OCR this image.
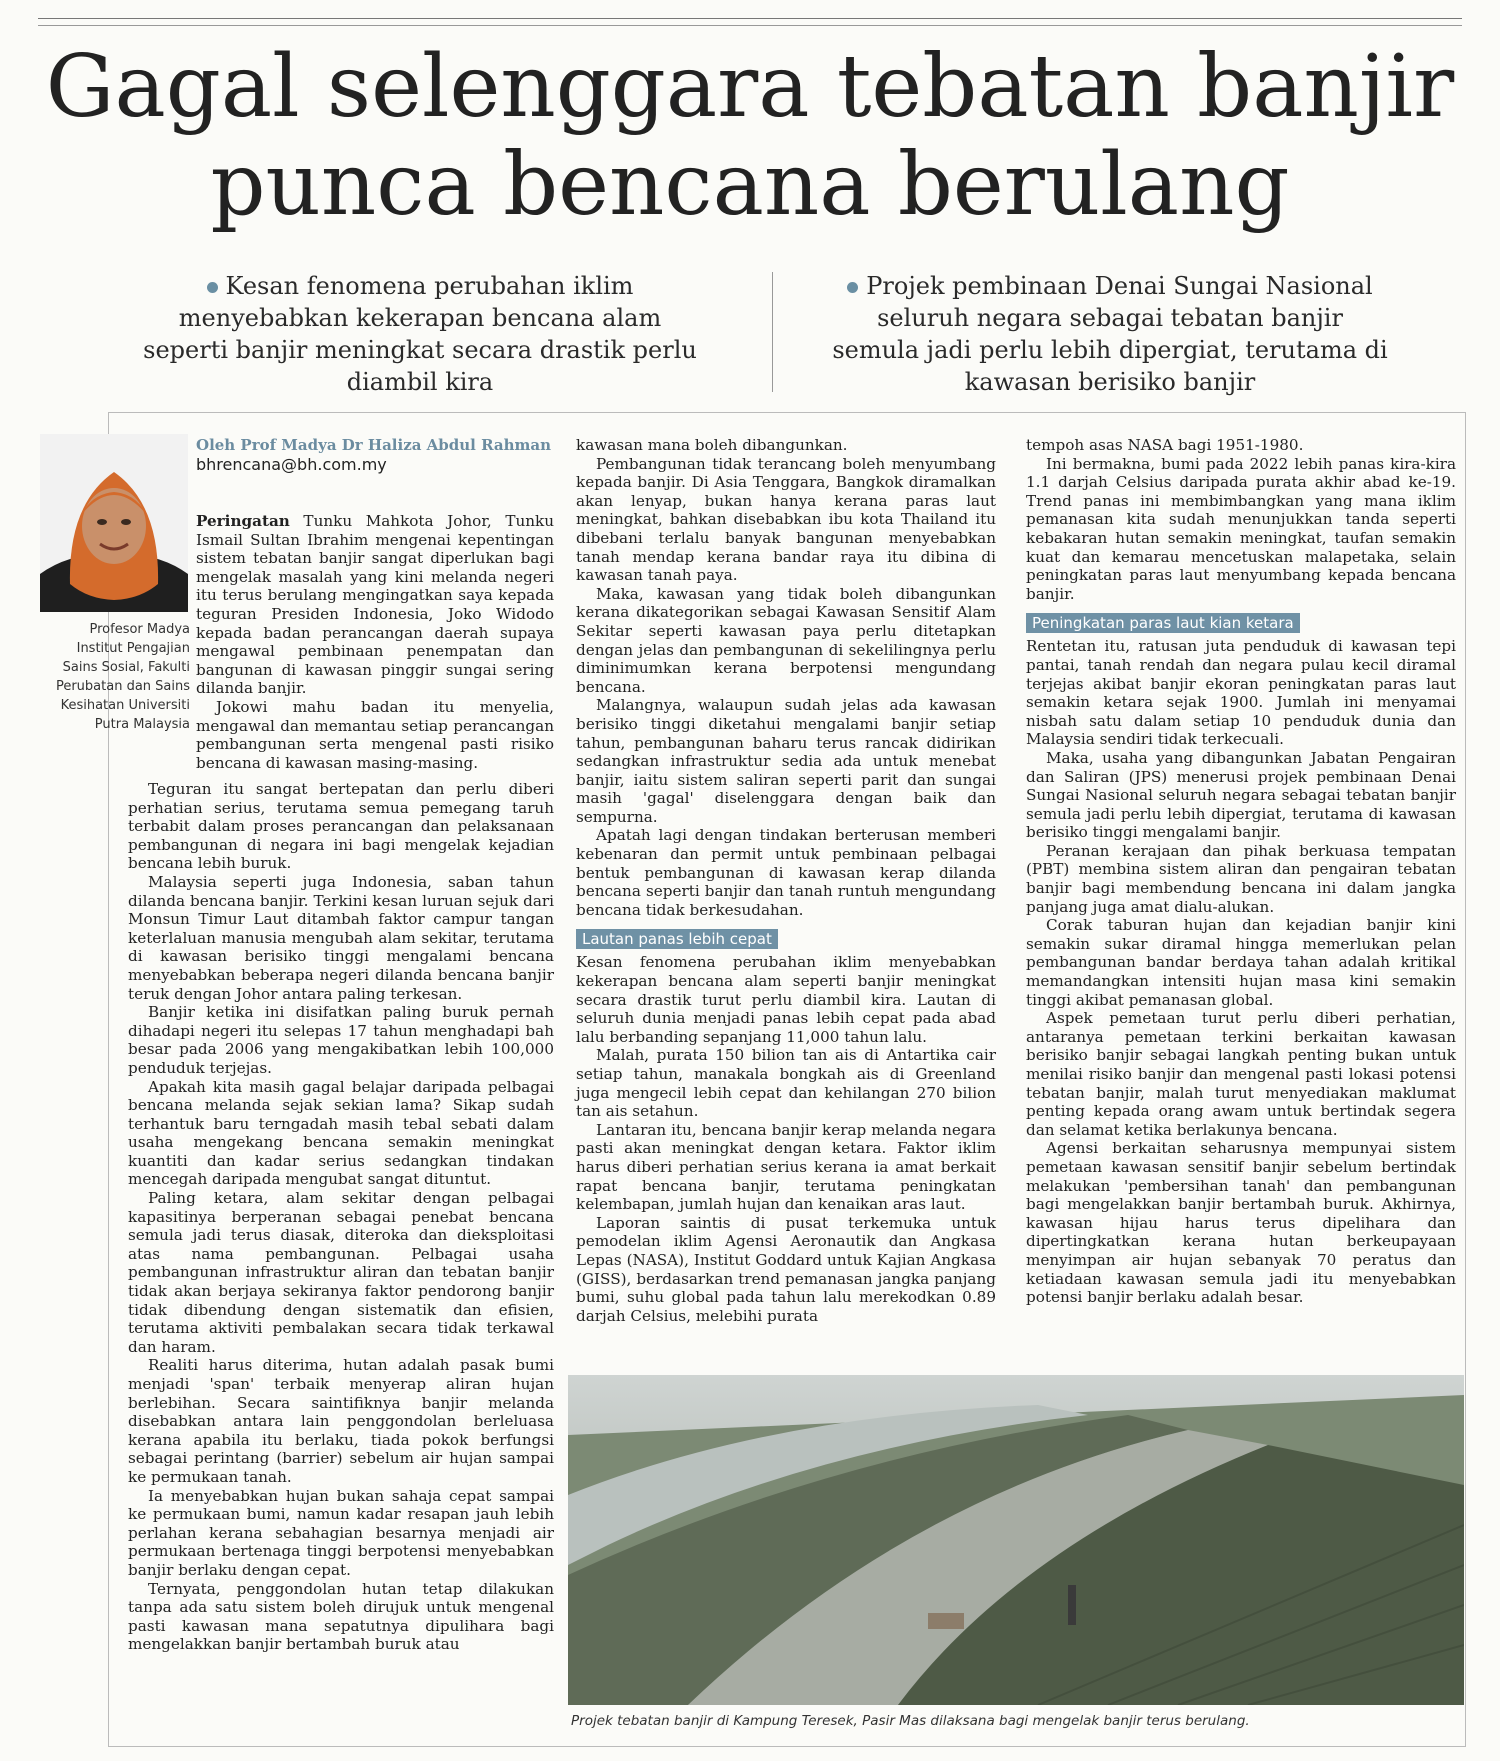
Gagal selenggara tebatan banjir
punca bencana berulang
Kesan fenomena perubahan iklim menyebabkan kekerapan bencana alam seperti banjir meningkat secara drastik perlu diambil kira
Projek pembinaan Denai Sungai Nasional seluruh negara sebagai tebatan banjir semula jadi perlu lebih dipergiat, terutama di kawasan berisiko banjir
Profesor Madya Institut Pengajian Sains Sosial, Fakulti Perubatan dan Sains Kesihatan Universiti Putra Malaysia
Oleh Prof Madya Dr Haliza Abdul Rahman
bhrencana@bh.com.my

Peringatan Tunku Mahkota Johor, Tunku Ismail Sultan Ibrahim mengenai kepentingan sistem tebatan banjir sangat diperlukan bagi mengelak masalah yang kini melanda negeri itu terus berulang mengingatkan saya kepada teguran Presiden Indonesia, Joko Widodo kepada badan perancangan daerah supaya mengawal pembinaan penempatan dan bangunan di kawasan pinggir sungai sering dilanda banjir.

Jokowi mahu badan itu menyelia, mengawal dan memantau setiap perancangan pembangunan serta mengenal pasti risiko bencana di kawasan masing-masing.

Teguran itu sangat bertepatan dan perlu diberi perhatian serius, terutama semua pemegang taruh terbabit dalam proses perancangan dan pelaksanaan pembangunan di negara ini bagi mengelak kejadian bencana lebih buruk.

Malaysia seperti juga Indonesia, saban tahun dilanda bencana banjir. Terkini kesan luruan sejuk dari Monsun Timur Laut ditambah faktor campur tangan keterlaluan manusia mengubah alam sekitar, terutama di kawasan berisiko tinggi mengalami bencana menyebabkan beberapa negeri dilanda bencana banjir teruk dengan Johor antara paling terkesan.

Banjir ketika ini disifatkan paling buruk pernah dihadapi negeri itu selepas 17 tahun menghadapi bah besar pada 2006 yang mengakibatkan lebih 100,000 penduduk terjejas.

Apakah kita masih gagal belajar daripada pelbagai bencana melanda sejak sekian lama? Sikap sudah terhantuk baru terngadah masih tebal sebati dalam usaha mengekang bencana semakin meningkat kuantiti dan kadar serius sedangkan tindakan mencegah daripada mengubat sangat dituntut.

Paling ketara, alam sekitar dengan pelbagai kapasitinya berperanan sebagai penebat bencana semula jadi terus diasak, diteroka dan dieksploitasi atas nama pembangunan. Pelbagai usaha pembangunan infrastruktur aliran dan tebatan banjir tidak akan berjaya sekiranya faktor pendorong banjir tidak dibendung dengan sistematik dan efisien, terutama aktiviti pembalakan secara tidak terkawal dan haram.

Realiti harus diterima, hutan adalah pasak bumi menjadi 'span' terbaik menyerap aliran hujan berlebihan. Secara saintifiknya banjir melanda disebabkan antara lain penggondolan berleluasa kerana apabila itu berlaku, tiada pokok berfungsi sebagai perintang (barrier) sebelum air hujan sampai ke permukaan tanah.

Ia menyebabkan hujan bukan sahaja cepat sampai ke permukaan bumi, namun kadar resapan jauh lebih perlahan kerana sebahagian besarnya menjadi air permukaan bertenaga tinggi berpotensi menyebabkan banjir berlaku dengan cepat.

Ternyata, penggondolan hutan tetap dilakukan tanpa ada satu sistem boleh dirujuk untuk mengenal pasti kawasan mana sepatutnya dipulihara bagi mengelakkan banjir bertambah buruk atau

kawasan mana boleh dibangunkan.

Pembangunan tidak terancang boleh menyumbang kepada banjir. Di Asia Tenggara, Bangkok diramalkan akan lenyap, bukan hanya kerana paras laut meningkat, bahkan disebabkan ibu kota Thailand itu dibebani terlalu banyak bangunan menyebabkan tanah mendap kerana bandar raya itu dibina di kawasan tanah paya.

Maka, kawasan yang tidak boleh dibangunkan kerana dikategorikan sebagai Kawasan Sensitif Alam Sekitar seperti kawasan paya perlu ditetapkan dengan jelas dan pembangunan di sekelilingnya perlu diminimumkan kerana berpotensi mengundang bencana.

Malangnya, walaupun sudah jelas ada kawasan berisiko tinggi diketahui mengalami banjir setiap tahun, pembangunan baharu terus rancak didirikan sedangkan infrastruktur sedia ada untuk menebat banjir, iaitu sistem saliran seperti parit dan sungai masih 'gagal' diselenggara dengan baik dan sempurna.

Apatah lagi dengan tindakan berterusan memberi kebenaran dan permit untuk pembinaan pelbagai bentuk pembangunan di kawasan kerap dilanda bencana seperti banjir dan tanah runtuh mengundang bencana tidak berkesudahan.

Lautan panas lebih cepat

Kesan fenomena perubahan iklim menyebabkan kekerapan bencana alam seperti banjir meningkat secara drastik turut perlu diambil kira. Lautan di seluruh dunia menjadi panas lebih cepat pada abad lalu berbanding sepanjang 11,000 tahun lalu.

Malah, purata 150 bilion tan ais di Antartika cair setiap tahun, manakala bongkah ais di Greenland juga mengecil lebih cepat dan kehilangan 270 bilion tan ais setahun.

Lantaran itu, bencana banjir kerap melanda negara pasti akan meningkat dengan ketara. Faktor iklim harus diberi perhatian serius kerana ia amat berkait rapat bencana banjir, terutama peningkatan kelembapan, jumlah hujan dan kenaikan aras laut.

Laporan saintis di pusat terkemuka untuk pemodelan iklim Agensi Aeronautik dan Angkasa Lepas (NASA), Institut Goddard untuk Kajian Angkasa (GISS), berdasarkan trend pemanasan jangka panjang bumi, suhu global pada tahun lalu merekodkan 0.89 darjah Celsius, melebihi purata

tempoh asas NASA bagi 1951-1980.

Ini bermakna, bumi pada 2022 lebih panas kira-kira 1.1 darjah Celsius daripada purata akhir abad ke-19. Trend panas ini membimbangkan yang mana iklim pemanasan kita sudah menunjukkan tanda seperti kebakaran hutan semakin meningkat, taufan semakin kuat dan kemarau mencetuskan malapetaka, selain peningkatan paras laut menyumbang kepada bencana banjir.

Peningkatan paras laut kian ketara

Rentetan itu, ratusan juta penduduk di kawasan tepi pantai, tanah rendah dan negara pulau kecil diramal terjejas akibat banjir ekoran peningkatan paras laut semakin ketara sejak 1900. Jumlah ini menyamai nisbah satu dalam setiap 10 penduduk dunia dan Malaysia sendiri tidak terkecuali.

Maka, usaha yang dibangunkan Jabatan Pengairan dan Saliran (JPS) menerusi projek pembinaan Denai Sungai Nasional seluruh negara sebagai tebatan banjir semula jadi perlu lebih dipergiat, terutama di kawasan berisiko tinggi mengalami banjir.

Peranan kerajaan dan pihak berkuasa tempatan (PBT) membina sistem aliran dan pengairan tebatan banjir bagi membendung bencana ini dalam jangka panjang juga amat dialu-alukan.

Corak taburan hujan dan kejadian banjir kini semakin sukar diramal hingga memerlukan pelan pembangunan bandar berdaya tahan adalah kritikal memandangkan intensiti hujan masa kini semakin tinggi akibat pemanasan global.

Aspek pemetaan turut perlu diberi perhatian, antaranya pemetaan terkini berkaitan kawasan berisiko banjir sebagai langkah penting bukan untuk menilai risiko banjir dan mengenal pasti lokasi potensi tebatan banjir, malah turut menyediakan maklumat penting kepada orang awam untuk bertindak segera dan selamat ketika berlakunya bencana.

Agensi berkaitan seharusnya mempunyai sistem pemetaan kawasan sensitif banjir sebelum bertindak melakukan 'pembersihan tanah' dan pembangunan bagi mengelakkan banjir bertambah buruk. Akhirnya, kawasan hijau harus terus dipelihara dan dipertingkatkan kerana hutan berkeupayaan menyimpan air hujan sebanyak 70 peratus dan ketiadaan kawasan semula jadi itu menyebabkan potensi banjir berlaku adalah besar.

Projek tebatan banjir di Kampung Teresek, Pasir Mas dilaksana bagi mengelak banjir terus berulang.
